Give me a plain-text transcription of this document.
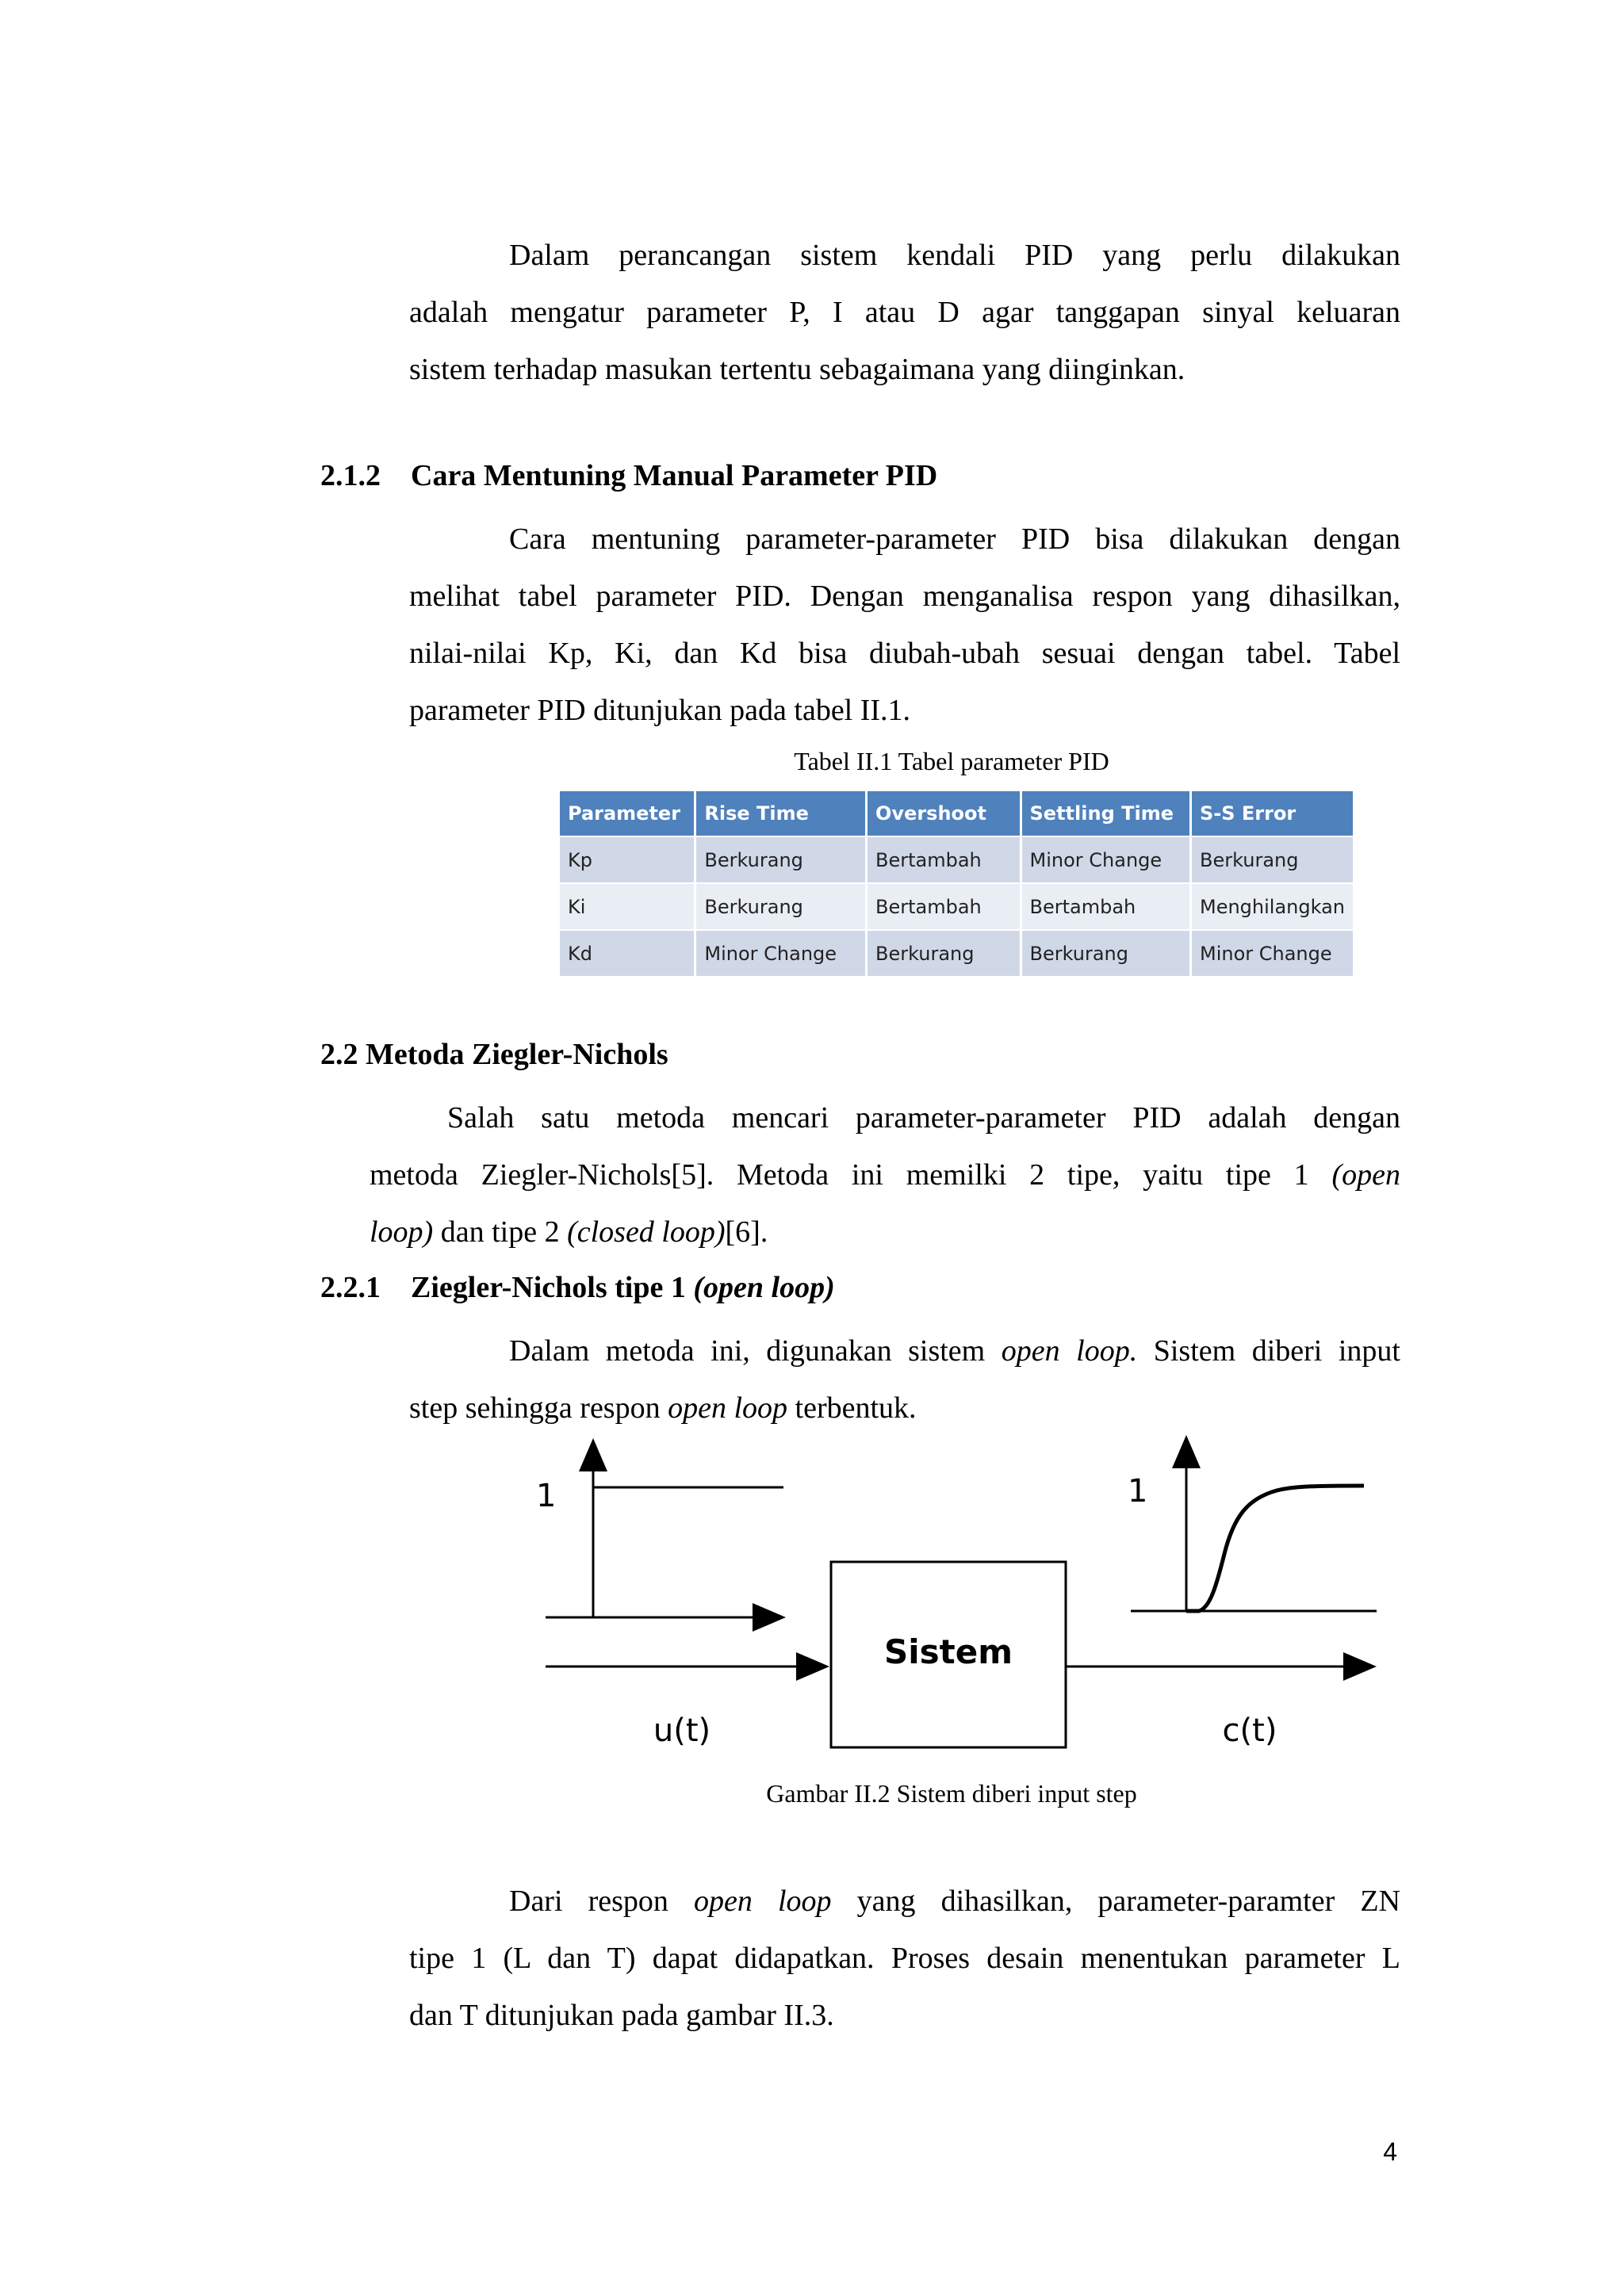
Dalam perancangan sistem kendali PID yang perlu dilakukan
adalah mengatur parameter P, I atau D agar tanggapan sinyal keluaran
sistem terhadap masukan tertentu sebagaimana yang diinginkan.
2.1.2 Cara Mentuning Manual Parameter PID
Cara mentuning parameter-parameter PID bisa dilakukan dengan
melihat tabel parameter PID. Dengan menganalisa respon yang dihasilkan,
nilai-nilai Kp, Ki, dan Kd bisa diubah-ubah sesuai dengan tabel. Tabel
parameter PID ditunjukan pada tabel II.1.
Tabel II.1 Tabel parameter PID
Parameter	Rise Time	Overshoot	Settling Time	S-S Error
Kp	Berkurang	Bertambah	Minor Change	Berkurang
Ki	Berkurang	Bertambah	Bertambah	Menghilangkan
Kd	Minor Change	Berkurang	Berkurang	Minor Change
2.2 Metoda Ziegler-Nichols
Salah satu metoda mencari parameter-parameter PID adalah dengan
metoda Ziegler-Nichols[5]. Metoda ini memilki 2 tipe, yaitu tipe 1 (open
loop) dan tipe 2 (closed loop)[6].
2.2.1 Ziegler-Nichols tipe 1 (open loop)
Dalam metoda ini, digunakan sistem open loop. Sistem diberi input
step sehingga respon open loop terbentuk.
1
Sistem
u(t)	c(t)
1
Gambar II.2 Sistem diberi input step
Dari respon open loop yang dihasilkan, parameter-paramter ZN
tipe 1 (L dan T) dapat didapatkan. Proses desain menentukan parameter L
dan T ditunjukan pada gambar II.3.
4
